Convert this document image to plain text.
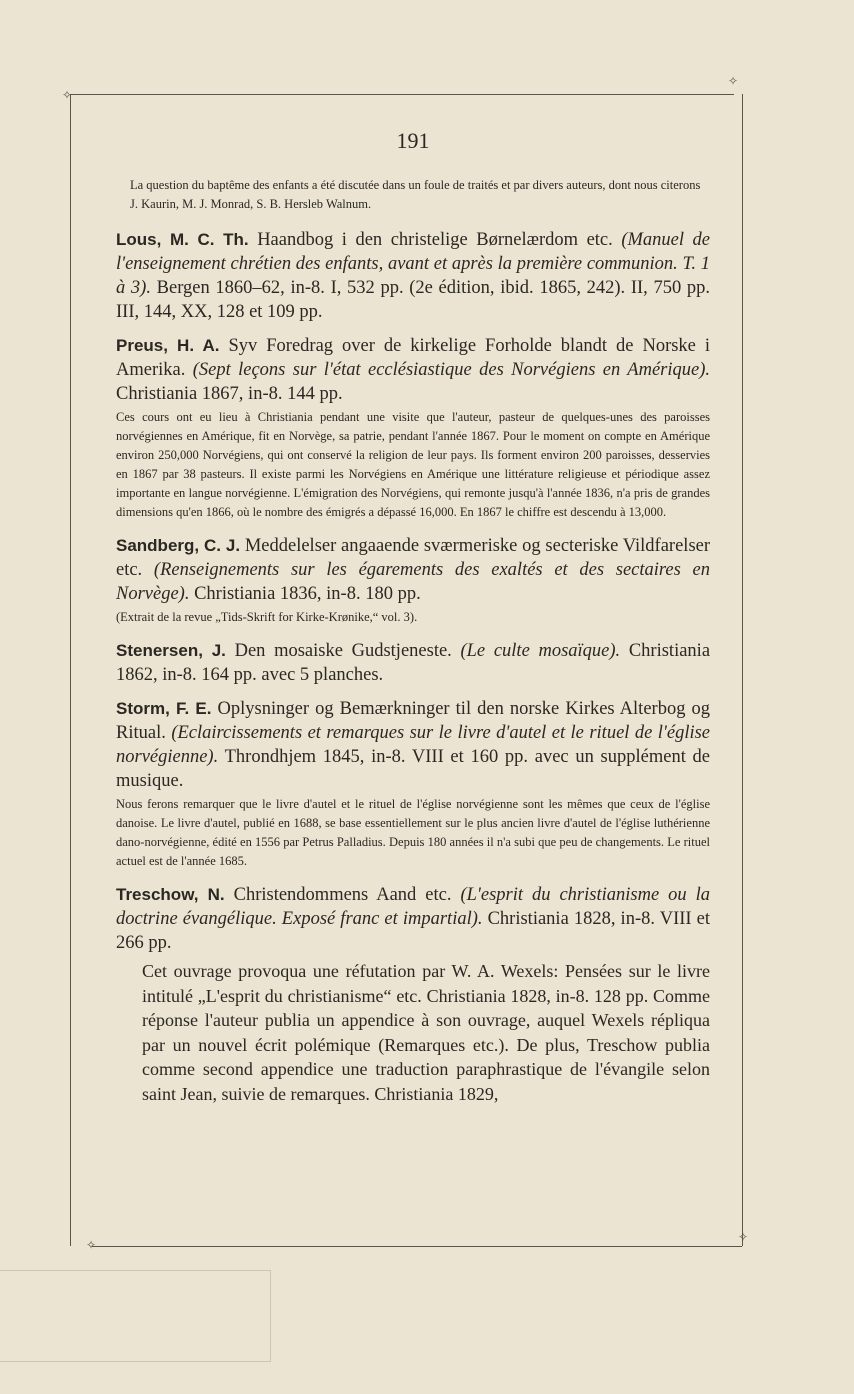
✧
✧
✧
✧
191
La question du baptême des enfants a été discutée dans un foule de traités et par divers auteurs, dont nous citerons J. Kaurin, M. J. Monrad, S. B. Hersleb Walnum.
Lous, M. C. Th. Haandbog i den christelige Børnelærdom etc. (Manuel de l'enseignement chrétien des enfants, avant et après la première communion. T. 1 à 3). Bergen 1860–62, in-8. I, 532 pp. (2e édition, ibid. 1865, 242). II, 750 pp. III, 144, XX, 128 et 109 pp.
Preus, H. A. Syv Foredrag over de kirkelige Forholde blandt de Norske i Amerika. (Sept leçons sur l'état ecclésiastique des Norvégiens en Amérique). Christiania 1867, in-8. 144 pp.

Ces cours ont eu lieu à Christiania pendant une visite que l'auteur, pasteur de quelques-unes des paroisses norvégiennes en Amérique, fit en Norvège, sa patrie, pendant l'année 1867. Pour le moment on compte en Amérique environ 250,000 Norvégiens, qui ont conservé la religion de leur pays. Ils forment environ 200 paroisses, desservies en 1867 par 38 pasteurs. Il existe parmi les Norvégiens en Amérique une littérature religieuse et périodique assez importante en langue norvégienne. L'émigration des Norvégiens, qui remonte jusqu'à l'année 1836, n'a pris de grandes dimensions qu'en 1866, où le nombre des émigrés a dépassé 16,000. En 1867 le chiffre est descendu à 13,000.

Sandberg, C. J. Meddelelser angaaende sværmeriske og secteriske Vildfarelser etc. (Renseignements sur les égarements des exaltés et des sectaires en Norvège). Christiania 1836, in-8. 180 pp.

(Extrait de la revue „Tids-Skrift for Kirke-Krønike,“ vol. 3).

Stenersen, J. Den mosaiske Gudstjeneste. (Le culte mosaïque). Christiania 1862, in-8. 164 pp. avec 5 planches.
Storm, F. E. Oplysninger og Bemærkninger til den norske Kirkes Alterbog og Ritual. (Eclaircissements et remarques sur le livre d'autel et le rituel de l'église norvégienne). Throndhjem 1845, in-8. VIII et 160 pp. avec un supplément de musique.

Nous ferons remarquer que le livre d'autel et le rituel de l'église norvégienne sont les mêmes que ceux de l'église danoise. Le livre d'autel, publié en 1688, se base essentiellement sur le plus ancien livre d'autel de l'église luthérienne dano-norvégienne, édité en 1556 par Petrus Palladius. Depuis 180 années il n'a subi que peu de changements. Le rituel actuel est de l'année 1685.

Treschow, N. Christendommens Aand etc. (L'esprit du christianisme ou la doctrine évangélique. Exposé franc et impartial). Christiania 1828, in-8. VIII et 266 pp.
Cet ouvrage provoqua une réfutation par W. A. Wexels: Pensées sur le livre intitulé „L'esprit du christianisme“ etc. Christiania 1828, in-8. 128 pp. Comme réponse l'auteur publia un appendice à son ouvrage, auquel Wexels répliqua par un nouvel écrit polémique (Remarques etc.). De plus, Treschow publia comme second appendice une traduction paraphrastique de l'évangile selon saint Jean, suivie de remarques. Christiania 1829,
